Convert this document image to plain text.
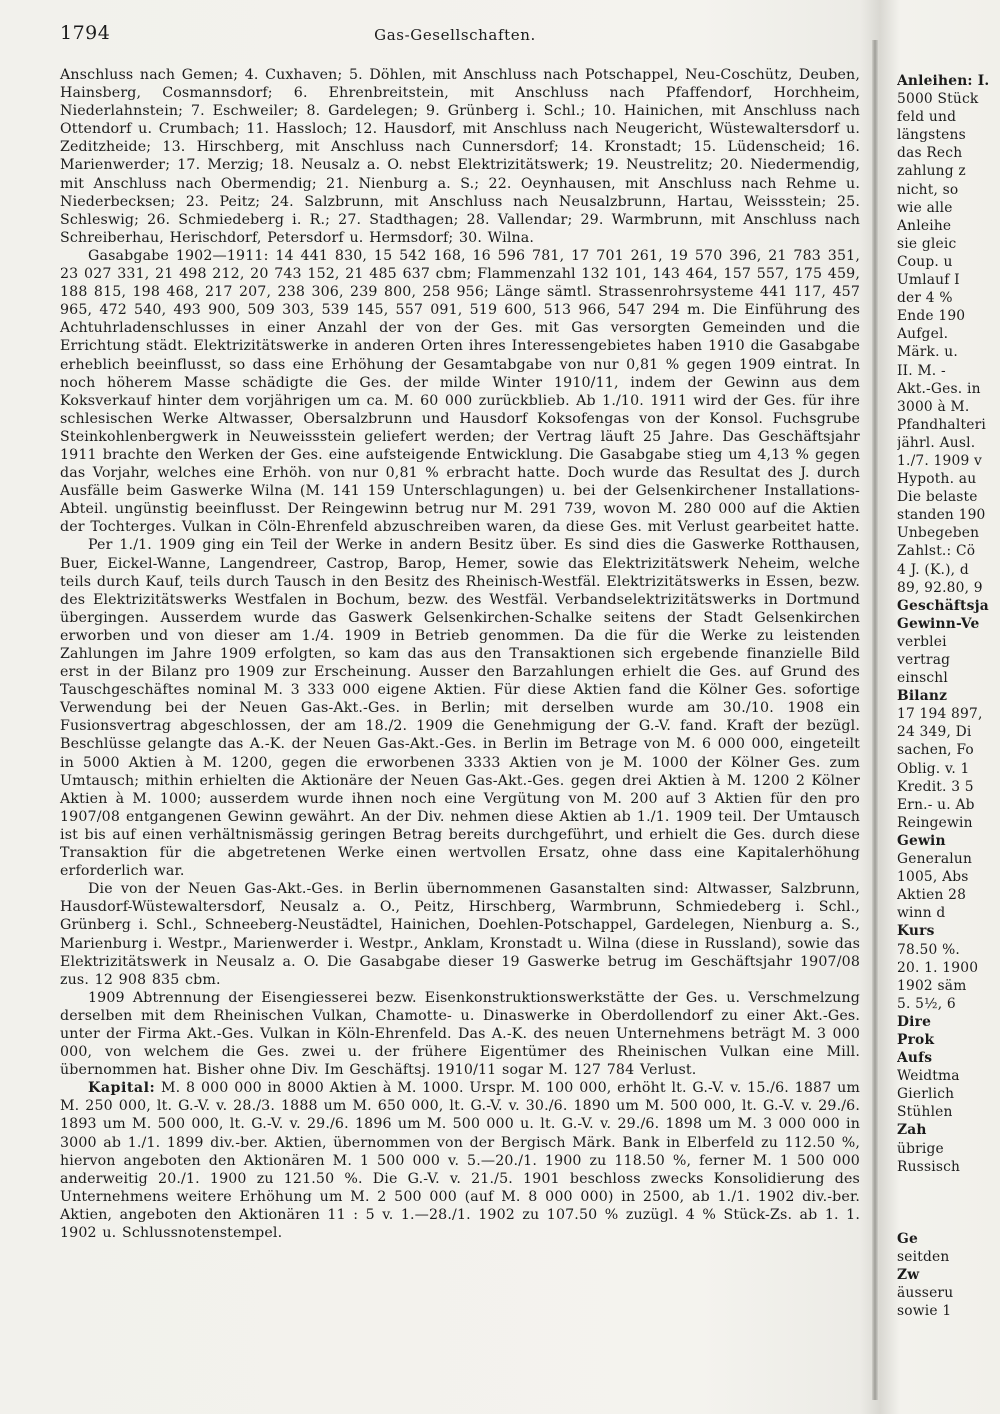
1794	Gas-Gesellschaften.

Anschluss nach Gemen; 4. Cuxhaven; 5. Döhlen, mit Anschluss nach Potschappel, Neu-Coschütz, Deuben, Hainsberg, Cosmannsdorf; 6. Ehrenbreitstein, mit Anschluss nach Pfaffendorf, Horchheim, Niederlahnstein; 7. Eschweiler; 8. Gardelegen; 9. Grünberg i. Schl.; 10. Hainichen, mit Anschluss nach Ottendorf u. Crumbach; 11. Hassloch; 12. Hausdorf, mit Anschluss nach Neugericht, Wüstewaltersdorf u. Zeditzheide; 13. Hirschberg, mit Anschluss nach Cunnersdorf; 14. Kronstadt; 15. Lüdenscheid; 16. Marienwerder; 17. Merzig; 18. Neusalz a. O. nebst Elektrizitätswerk; 19. Neustrelitz; 20. Niedermendig, mit Anschluss nach Obermendig; 21. Nienburg a. S.; 22. Oeynhausen, mit Anschluss nach Rehme u. Niederbecksen; 23. Peitz; 24. Salzbrunn, mit Anschluss nach Neusalzbrunn, Hartau, Weissstein; 25. Schleswig; 26. Schmiedeberg i. R.; 27. Stadthagen; 28. Vallendar; 29. Warmbrunn, mit Anschluss nach Schreiberhau, Herischdorf, Petersdorf u. Hermsdorf; 30. Wilna.

Gasabgabe 1902—1911: 14 441 830, 15 542 168, 16 596 781, 17 701 261, 19 570 396, 21 783 351, 23 027 331, 21 498 212, 20 743 152, 21 485 637 cbm; Flammenzahl 132 101, 143 464, 157 557, 175 459, 188 815, 198 468, 217 207, 238 306, 239 800, 258 956; Länge sämtl. Strassenrohrsysteme 441 117, 457 965, 472 540, 493 900, 509 303, 539 145, 557 091, 519 600, 513 966, 547 294 m. Die Einführung des Achtuhrladenschlusses in einer Anzahl der von der Ges. mit Gas versorgten Gemeinden und die Errichtung städt. Elektrizitätswerke in anderen Orten ihres Interessengebietes haben 1910 die Gasabgabe erheblich beeinflusst, so dass eine Erhöhung der Gesamtabgabe von nur 0,81 % gegen 1909 eintrat. In noch höherem Masse schädigte die Ges. der milde Winter 1910/11, indem der Gewinn aus dem Koksverkauf hinter dem vorjährigen um ca. M. 60 000 zurückblieb. Ab 1./10. 1911 wird der Ges. für ihre schlesischen Werke Altwasser, Obersalzbrunn und Hausdorf Koksofengas von der Konsol. Fuchsgrube Steinkohlenbergwerk in Neuweissstein geliefert werden; der Vertrag läuft 25 Jahre. Das Geschäftsjahr 1911 brachte den Werken der Ges. eine aufsteigende Entwicklung. Die Gasabgabe stieg um 4,13 % gegen das Vorjahr, welches eine Erhöh. von nur 0,81 % erbracht hatte. Doch wurde das Resultat des J. durch Ausfälle beim Gaswerke Wilna (M. 141 159 Unterschlagungen) u. bei der Gelsenkirchener Installations-Abteil. ungünstig beeinflusst. Der Reingewinn betrug nur M. 291 739, wovon M. 280 000 auf die Aktien der Tochterges. Vulkan in Cöln-Ehrenfeld abzuschreiben waren, da diese Ges. mit Verlust gearbeitet hatte.

Per 1./1. 1909 ging ein Teil der Werke in andern Besitz über. Es sind dies die Gaswerke Rotthausen, Buer, Eickel-Wanne, Langendreer, Castrop, Barop, Hemer, sowie das Elektrizitätswerk Neheim, welche teils durch Kauf, teils durch Tausch in den Besitz des Rheinisch-Westfäl. Elektrizitätswerks in Essen, bezw. des Elektrizitätswerks Westfalen in Bochum, bezw. des Westfäl. Verbandselektrizitätswerks in Dortmund übergingen. Ausserdem wurde das Gaswerk Gelsenkirchen-Schalke seitens der Stadt Gelsenkirchen erworben und von dieser am 1./4. 1909 in Betrieb genommen. Da die für die Werke zu leistenden Zahlungen im Jahre 1909 erfolgten, so kam das aus den Transaktionen sich ergebende finanzielle Bild erst in der Bilanz pro 1909 zur Erscheinung. Ausser den Barzahlungen erhielt die Ges. auf Grund des Tauschgeschäftes nominal M. 3 333 000 eigene Aktien. Für diese Aktien fand die Kölner Ges. sofortige Verwendung bei der Neuen Gas-Akt.-Ges. in Berlin; mit derselben wurde am 30./10. 1908 ein Fusionsvertrag abgeschlossen, der am 18./2. 1909 die Genehmigung der G.-V. fand. Kraft der bezügl. Beschlüsse gelangte das A.-K. der Neuen Gas-Akt.-Ges. in Berlin im Betrage von M. 6 000 000, eingeteilt in 5000 Aktien à M. 1200, gegen die erworbenen 3333 Aktien von je M. 1000 der Kölner Ges. zum Umtausch; mithin erhielten die Aktionäre der Neuen Gas-Akt.-Ges. gegen drei Aktien à M. 1200 2 Kölner Aktien à M. 1000; ausserdem wurde ihnen noch eine Vergütung von M. 200 auf 3 Aktien für den pro 1907/08 entgangenen Gewinn gewährt. An der Div. nehmen diese Aktien ab 1./1. 1909 teil. Der Umtausch ist bis auf einen verhältnismässig geringen Betrag bereits durchgeführt, und erhielt die Ges. durch diese Transaktion für die abgetretenen Werke einen wertvollen Ersatz, ohne dass eine Kapitalerhöhung erforderlich war.

Die von der Neuen Gas-Akt.-Ges. in Berlin übernommenen Gasanstalten sind: Altwasser, Salzbrunn, Hausdorf-Wüstewaltersdorf, Neusalz a. O., Peitz, Hirschberg, Warmbrunn, Schmiedeberg i. Schl., Grünberg i. Schl., Schneeberg-Neustädtel, Hainichen, Doehlen-Potschappel, Gardelegen, Nienburg a. S., Marienburg i. Westpr., Marienwerder i. Westpr., Anklam, Kronstadt u. Wilna (diese in Russland), sowie das Elektrizitätswerk in Neusalz a. O. Die Gasabgabe dieser 19 Gaswerke betrug im Geschäftsjahr 1907/08 zus. 12 908 835 cbm.

1909 Abtrennung der Eisengiesserei bezw. Eisenkonstruktionswerkstätte der Ges. u. Verschmelzung derselben mit dem Rheinischen Vulkan, Chamotte- u. Dinaswerke in Oberdollendorf zu einer Akt.-Ges. unter der Firma Akt.-Ges. Vulkan in Köln-Ehrenfeld. Das A.-K. des neuen Unternehmens beträgt M. 3 000 000, von welchem die Ges. zwei u. der frühere Eigentümer des Rheinischen Vulkan eine Mill. übernommen hat. Bisher ohne Div. Im Geschäftsj. 1910/11 sogar M. 127 784 Verlust.

Kapital: M. 8 000 000 in 8000 Aktien à M. 1000. Urspr. M. 100 000, erhöht lt. G.-V. v. 15./6. 1887 um M. 250 000, lt. G.-V. v. 28./3. 1888 um M. 650 000, lt. G.-V. v. 30./6. 1890 um M. 500 000, lt. G.-V. v. 29./6. 1893 um M. 500 000, lt. G.-V. v. 29./6. 1896 um M. 500 000 u. lt. G.-V. v. 29./6. 1898 um M. 3 000 000 in 3000 ab 1./1. 1899 div.-ber. Aktien, übernommen von der Bergisch Märk. Bank in Elberfeld zu 112.50 %, hiervon angeboten den Aktionären M. 1 500 000 v. 5.—20./1. 1900 zu 118.50 %, ferner M. 1 500 000 anderweitig 20./1. 1900 zu 121.50 %. Die G.-V. v. 21./5. 1901 beschloss zwecks Konsolidierung des Unternehmens weitere Erhöhung um M. 2 500 000 (auf M. 8 000 000) in 2500, ab 1./1. 1902 div.-ber. Aktien, angeboten den Aktionären 11 : 5 v. 1.—28./1. 1902 zu 107.50 % zuzügl. 4 % Stück-Zs. ab 1. 1. 1902 u. Schlussnotenstempel.

Anleihen: I.
5000 Stück
feld und
längstens
das Rech
zahlung z
nicht, so
wie alle
Anleihe
sie gleic
Coup. u
Umlauf I
der 4 %
Ende 190
Aufgel.
Märk. u.
II. M. -
Akt.-Ges. in
3000 à M.
Pfandhalteri
jährl. Ausl.
1./7. 1909 v
Hypoth. au
Die belaste
standen 190
Unbegeben
Zahlst.: Cö
4 J. (K.), d
89, 92.80, 9
Geschäftsja
Gewinn-Ve
verblei
vertrag
einschl
Bilanz
17 194 897,
24 349, Di
sachen, Fo
Oblig. v. 1
Kredit. 3 5
Ern.- u. Ab
Reingewin
Gewin
Generalun
1005, Abs
Aktien 28
winn d
Kurs
78.50 %.
20. 1. 1900
1902 säm
5. 5½, 6
Dire
Prok
Aufs
Weidtma
Gierlich
Stühlen
Zah
übrige
Russisch
Ge
seitden
Zw
äusseru
sowie 1
